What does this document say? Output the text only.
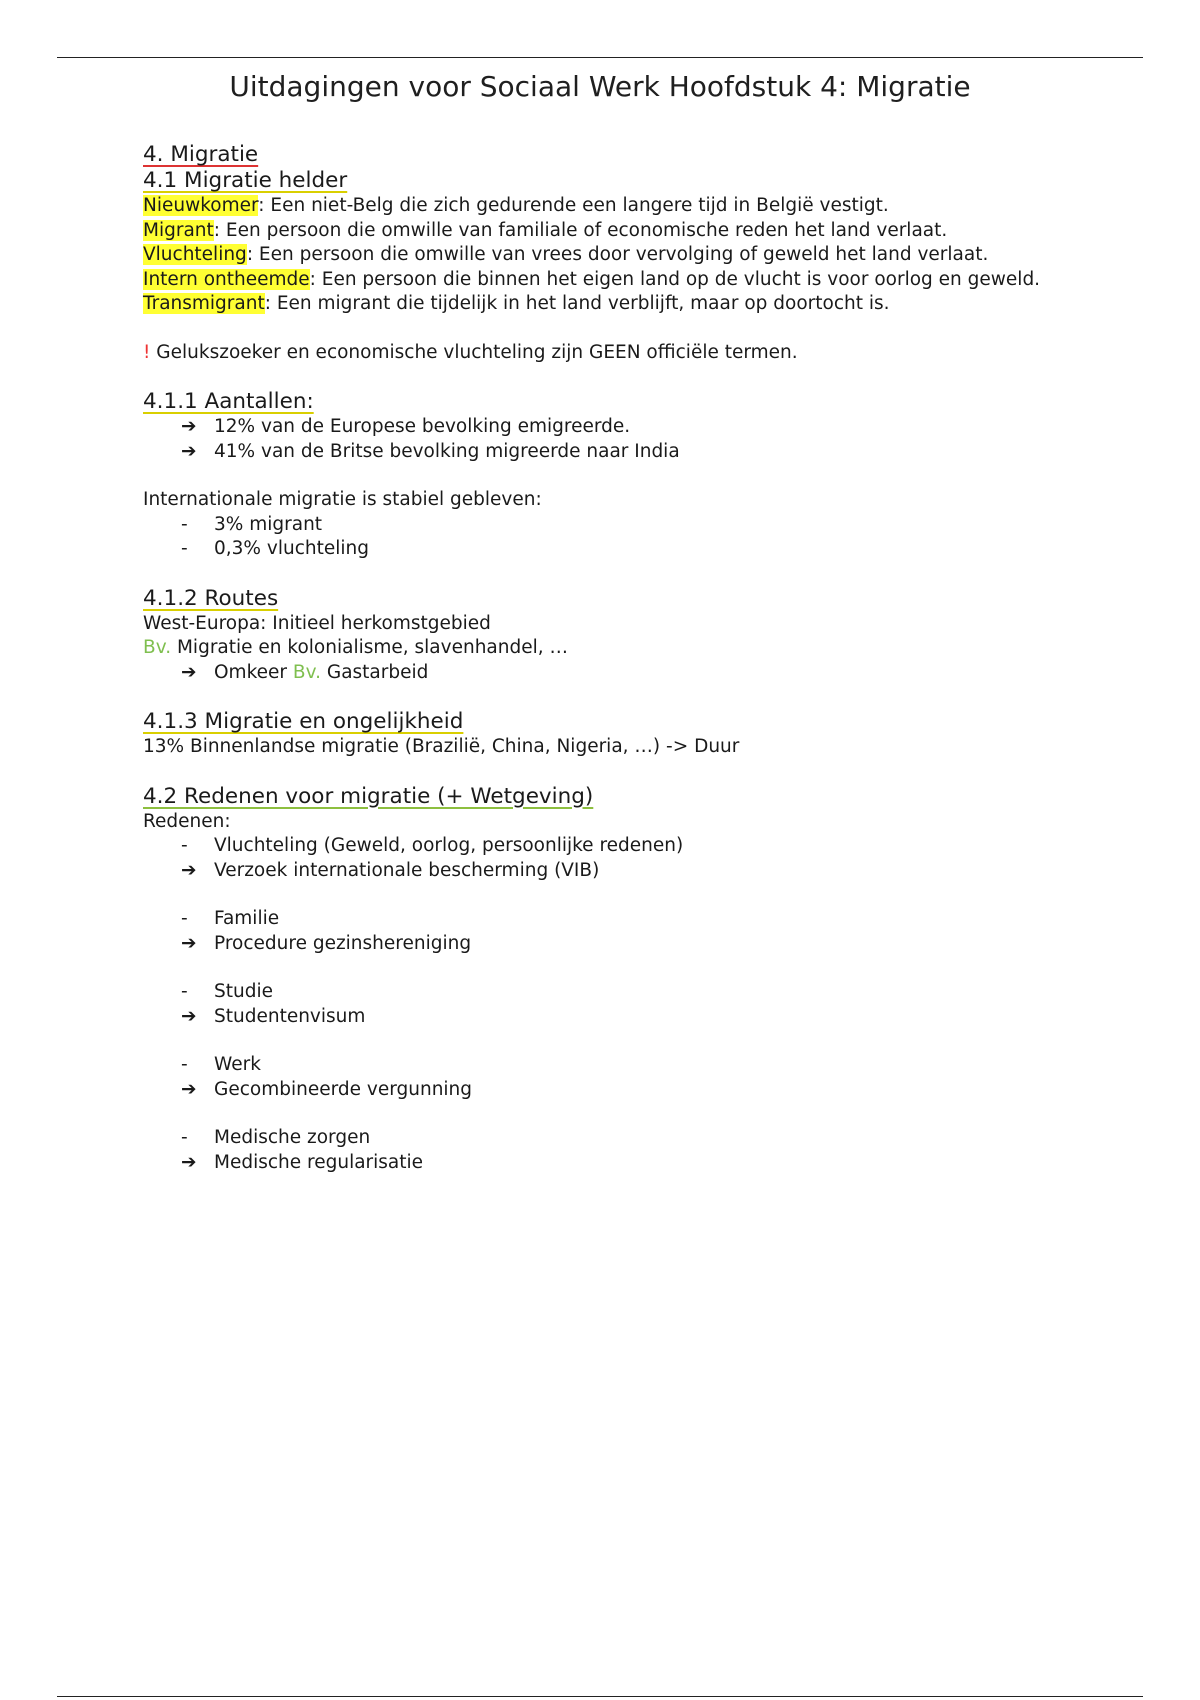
Uitdagingen voor Sociaal Werk Hoofdstuk 4: Migratie
4. Migratie
4.1 Migratie helder

Nieuwkomer: Een niet-Belg die zich gedurende een langere tijd in België vestigt.

Migrant: Een persoon die omwille van familiale of economische reden het land verlaat.

Vluchteling: Een persoon die omwille van vrees door vervolging of geweld het land verlaat.

Intern ontheemde: Een persoon die binnen het eigen land op de vlucht is voor oorlog en geweld.

Transmigrant: Een migrant die tijdelijk in het land verblijft, maar op doortocht is.

! Gelukszoeker en economische vluchteling zijn GEEN officiële termen.

4.1.1 Aantallen:
➔ 12% van de Europese bevolking emigreerde.
➔ 41% van de Britse bevolking migreerde naar India

Internationale migratie is stabiel gebleven:

-	3% migrant
-	0,3% vluchteling
4.1.2 Routes

West-Europa: Initieel herkomstgebied

Bv. Migratie en kolonialisme, slavenhandel, …

➔ Omkeer Bv. Gastarbeid
4.1.3 Migratie en ongelijkheid

13% Binnenlandse migratie (Brazilië, China, Nigeria, …) -> Duur

4.2 Redenen voor migratie (+ Wetgeving)

Redenen:

-	Vluchteling (Geweld, oorlog, persoonlijke redenen)
➔ Verzoek internationale bescherming (VIB)
-	Familie
➔ Procedure gezinshereniging
-	Studie
➔ Studentenvisum
-	Werk
➔ Gecombineerde vergunning
-	Medische zorgen
➔ Medische regularisatie
